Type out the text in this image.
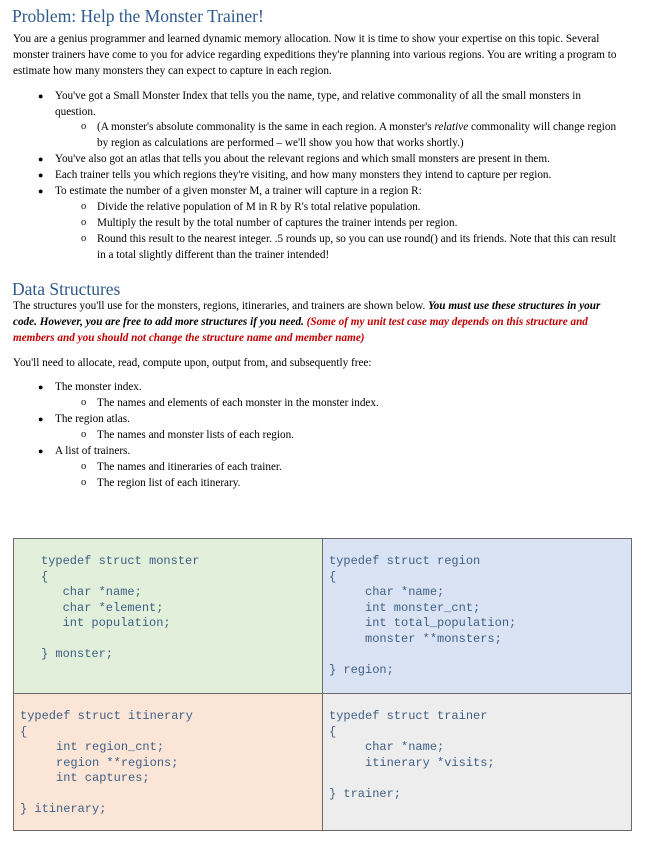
Problem: Help the Monster Trainer!
You are a genius programmer and learned dynamic memory allocation. Now it is time to show your expertise on this topic. Several monster trainers have come to you for advice regarding expeditions they're planning into various regions. You are writing a program to estimate how many monsters they can expect to capture in each region.
● You've got a Small Monster Index that tells you the name, type, and relative commonality of all the small monsters in question.
o (A monster's absolute commonality is the same in each region. A monster's relative commonality will change region by region as calculations are performed – we'll show you how that works shortly.)
● You've also got an atlas that tells you about the relevant regions and which small monsters are present in them.
● Each trainer tells you which regions they're visiting, and how many monsters they intend to capture per region.
● To estimate the number of a given monster M, a trainer will capture in a region R:
o Divide the relative population of M in R by R's total relative population.
o Multiply the result by the total number of captures the trainer intends per region.
o Round this result to the nearest integer. .5 rounds up, so you can use round() and its friends. Note that this can result in a total slightly different than the trainer intended!
Data Structures
The structures you'll use for the monsters, regions, itineraries, and trainers are shown below. You must use these structures in your code. However, you are free to add more structures if you need. (Some of my unit test case may depends on this structure and members and you should not change the structure name and member name)
You'll need to allocate, read, compute upon, output from, and subsequently free:
● The monster index.
o The names and elements of each monster in the monster index.
● The region atlas.
o The names and monster lists of each region.
● A list of trainers.
o The names and itineraries of each trainer.
o The region list of each itinerary.
typedef struct monster
{
char *name;
char *element;
int population;

} monster;
typedef struct region
{
char *name;
int monster_cnt;
int total_population;
monster **monsters;

} region;
typedef struct itinerary
{
int region_cnt;
region **regions;
int captures;

} itinerary;
typedef struct trainer
{
char *name;
itinerary *visits;

} trainer;
